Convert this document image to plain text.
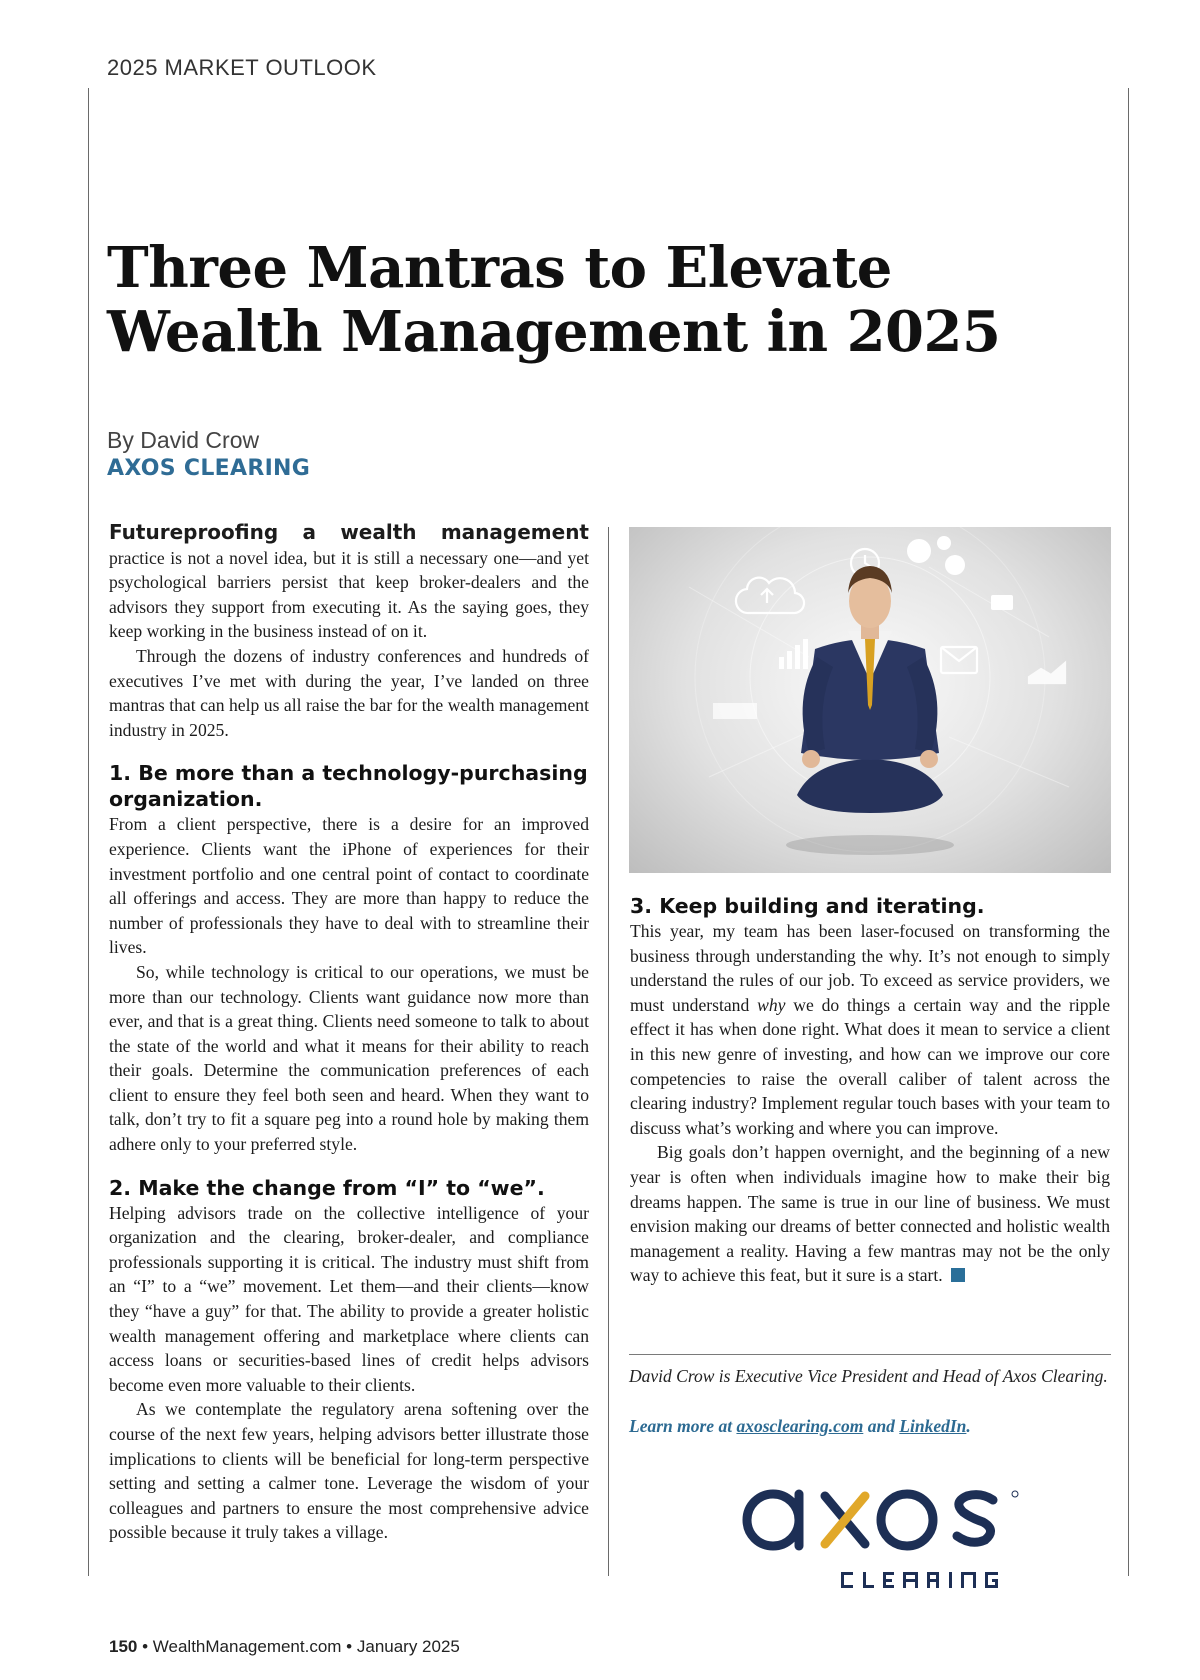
2025 MARKET OUTLOOK
Three Mantras to Elevate Wealth Management in 2025
By David Crow
AXOS CLEARING

Futureproofing a wealth management practice is not a novel idea, but it is still a necessary one—and yet psychological barriers persist that keep broker-dealers and the advisors they support from executing it. As the saying goes, they keep working in the business instead of on it.

Through the dozens of industry conferences and hundreds of executives I’ve met with during the year, I’ve landed on three mantras that can help us all raise the bar for the wealth management industry in 2025.

1. Be more than a technology-purchasing organization.

From a client perspective, there is a desire for an improved experience. Clients want the iPhone of experiences for their investment portfolio and one central point of contact to coordinate all offerings and access. They are more than happy to reduce the number of professionals they have to deal with to streamline their lives.

So, while technology is critical to our operations, we must be more than our technology. Clients want guidance now more than ever, and that is a great thing. Clients need someone to talk to about the state of the world and what it means for their ability to reach their goals. Determine the communication preferences of each client to ensure they feel both seen and heard. When they want to talk, don’t try to fit a square peg into a round hole by making them adhere only to your preferred style.

2. Make the change from “I” to “we”.

Helping advisors trade on the collective intelligence of your organization and the clearing, broker-dealer, and compliance professionals supporting it is critical. The industry must shift from an “I” to a “we” movement. Let them—and their clients—know they “have a guy” for that. The ability to provide a greater holistic wealth management offering and marketplace where clients can access loans or securities-based lines of credit helps advisors become even more valuable to their clients.

As we contemplate the regulatory arena softening over the course of the next few years, helping advisors better illustrate those implications to clients will be beneficial for long-term perspective setting and setting a calmer tone. Leverage the wisdom of your colleagues and partners to ensure the most comprehensive advice possible because it truly takes a village.

3. Keep building and iterating.

This year, my team has been laser-focused on transforming the business through understanding the why. It’s not enough to simply understand the rules of our job. To exceed as service providers, we must understand why we do things a certain way and the ripple effect it has when done right. What does it mean to service a client in this new genre of investing, and how can we improve our core competencies to raise the overall caliber of talent across the clearing industry? Implement regular touch bases with your team to discuss what’s working and where you can improve.

Big goals don’t happen overnight, and the beginning of a new year is often when individuals imagine how to make their big dreams happen. The same is true in our line of business. We must envision making our dreams of better connected and holistic wealth management a reality. Having a few mantras may not be the only way to achieve this feat, but it sure is a start.

David Crow is Executive Vice President and Head of Axos Clearing.

Learn more at axosclearing.com and LinkedIn.

150 • WealthManagement.com • January 2025
